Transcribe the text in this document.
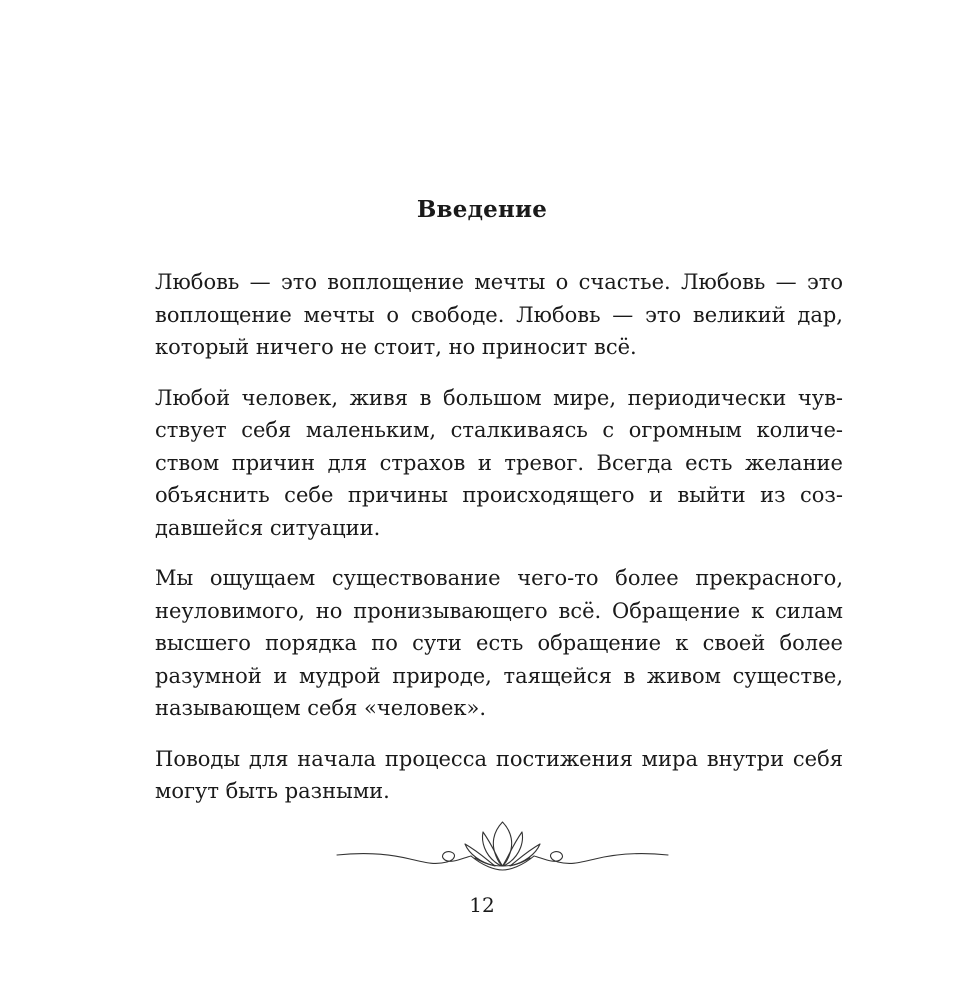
Введение

Любовь — это воплощение мечты о счастье. Любовь — это воплощение мечты о свободе. Любовь — это великий дар, который ничего не стоит, но приносит всё.

Любой человек, живя в большом мире, периодически чувствует себя маленьким, сталкиваясь с огромным количеством причин для страхов и тревог. Всегда есть желание объяснить себе причины происходящего и выйти из создавшейся ситуации.

Мы ощущаем существование чего-то более прекрасного, неуловимого, но пронизывающего всё. Обращение к силам высшего порядка по сути есть обращение к своей более разумной и мудрой природе, таящейся в живом существе, называющем себя «человек».

Поводы для начала процесса постижения мира внутри себя могут быть разными.

12
